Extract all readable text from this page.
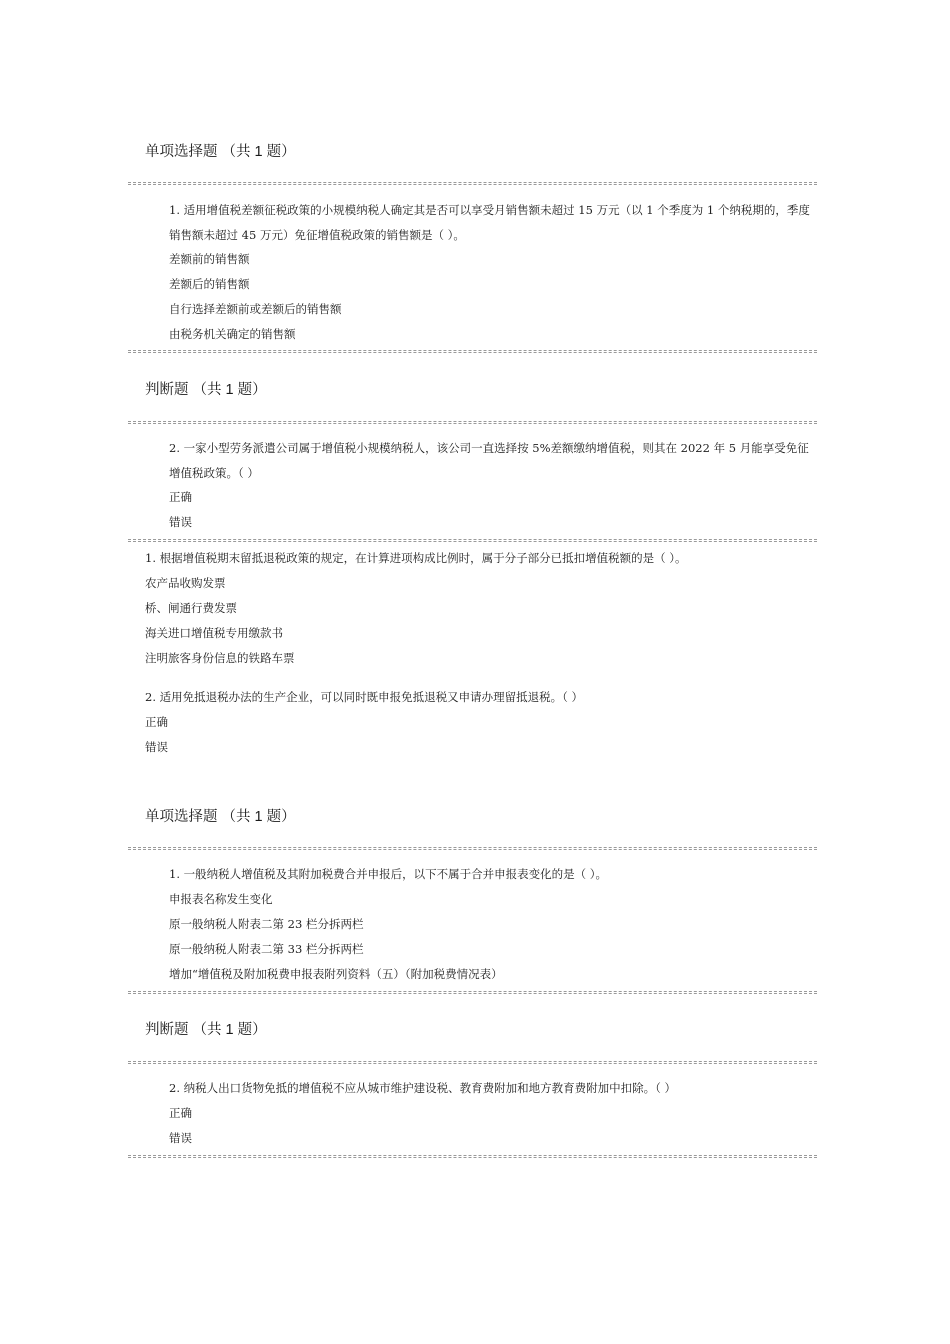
单项选择题 （共 1 题）

1. 适用增值税差额征税政策的小规模纳税人确定其是否可以享受月销售额未超过 15 万元（以 1 个季度为 1 个纳税期的，季度销售额未超过 45 万元）免征增值税政策的销售额是（ ）。

差额前的销售额

差额后的销售额

自行选择差额前或差额后的销售额

由税务机关确定的销售额

判断题 （共 1 题）

2. 一家小型劳务派遣公司属于增值税小规模纳税人，该公司一直选择按 5%差额缴纳增值税，则其在 2022 年 5 月能享受免征增值税政策。（ ）

正确

错误

1. 根据增值税期末留抵退税政策的规定，在计算进项构成比例时，属于分子部分已抵扣增值税额的是（ ）。

农产品收购发票

桥、闸通行费发票

海关进口增值税专用缴款书

注明旅客身份信息的铁路车票

2. 适用免抵退税办法的生产企业，可以同时既申报免抵退税又申请办理留抵退税。（ ）

正确

错误

单项选择题 （共 1 题）

1. 一般纳税人增值税及其附加税费合并申报后，以下不属于合并申报表变化的是（ ）。

申报表名称发生变化

原一般纳税人附表二第 23 栏分拆两栏

原一般纳税人附表二第 33 栏分拆两栏

增加“增值税及附加税费申报表附列资料（五）（附加税费情况表）

判断题 （共 1 题）

2. 纳税人出口货物免抵的增值税不应从城市维护建设税、教育费附加和地方教育费附加中扣除。（ ）

正确

错误
